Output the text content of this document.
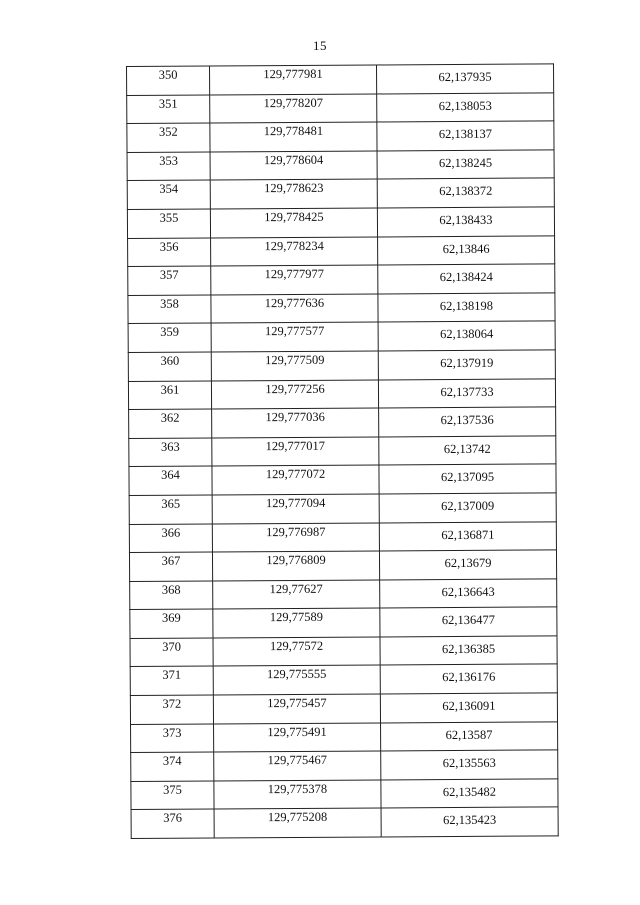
15
350	129,777981	62,137935

351	129,778207	62,138053

352	129,778481	62,138137

353	129,778604	62,138245

354	129,778623	62,138372

355	129,778425	62,138433

356	129,778234	62,13846

357	129,777977	62,138424

358	129,777636	62,138198

359	129,777577	62,138064

360	129,777509	62,137919

361	129,777256	62,137733

362	129,777036	62,137536

363	129,777017	62,13742

364	129,777072	62,137095

365	129,777094	62,137009

366	129,776987	62,136871

367	129,776809	62,13679

368	129,77627	62,136643

369	129,77589	62,136477

370	129,77572	62,136385

371	129,775555	62,136176

372	129,775457	62,136091

373	129,775491	62,13587

374	129,775467	62,135563

375	129,775378	62,135482

376	129,775208	62,135423
